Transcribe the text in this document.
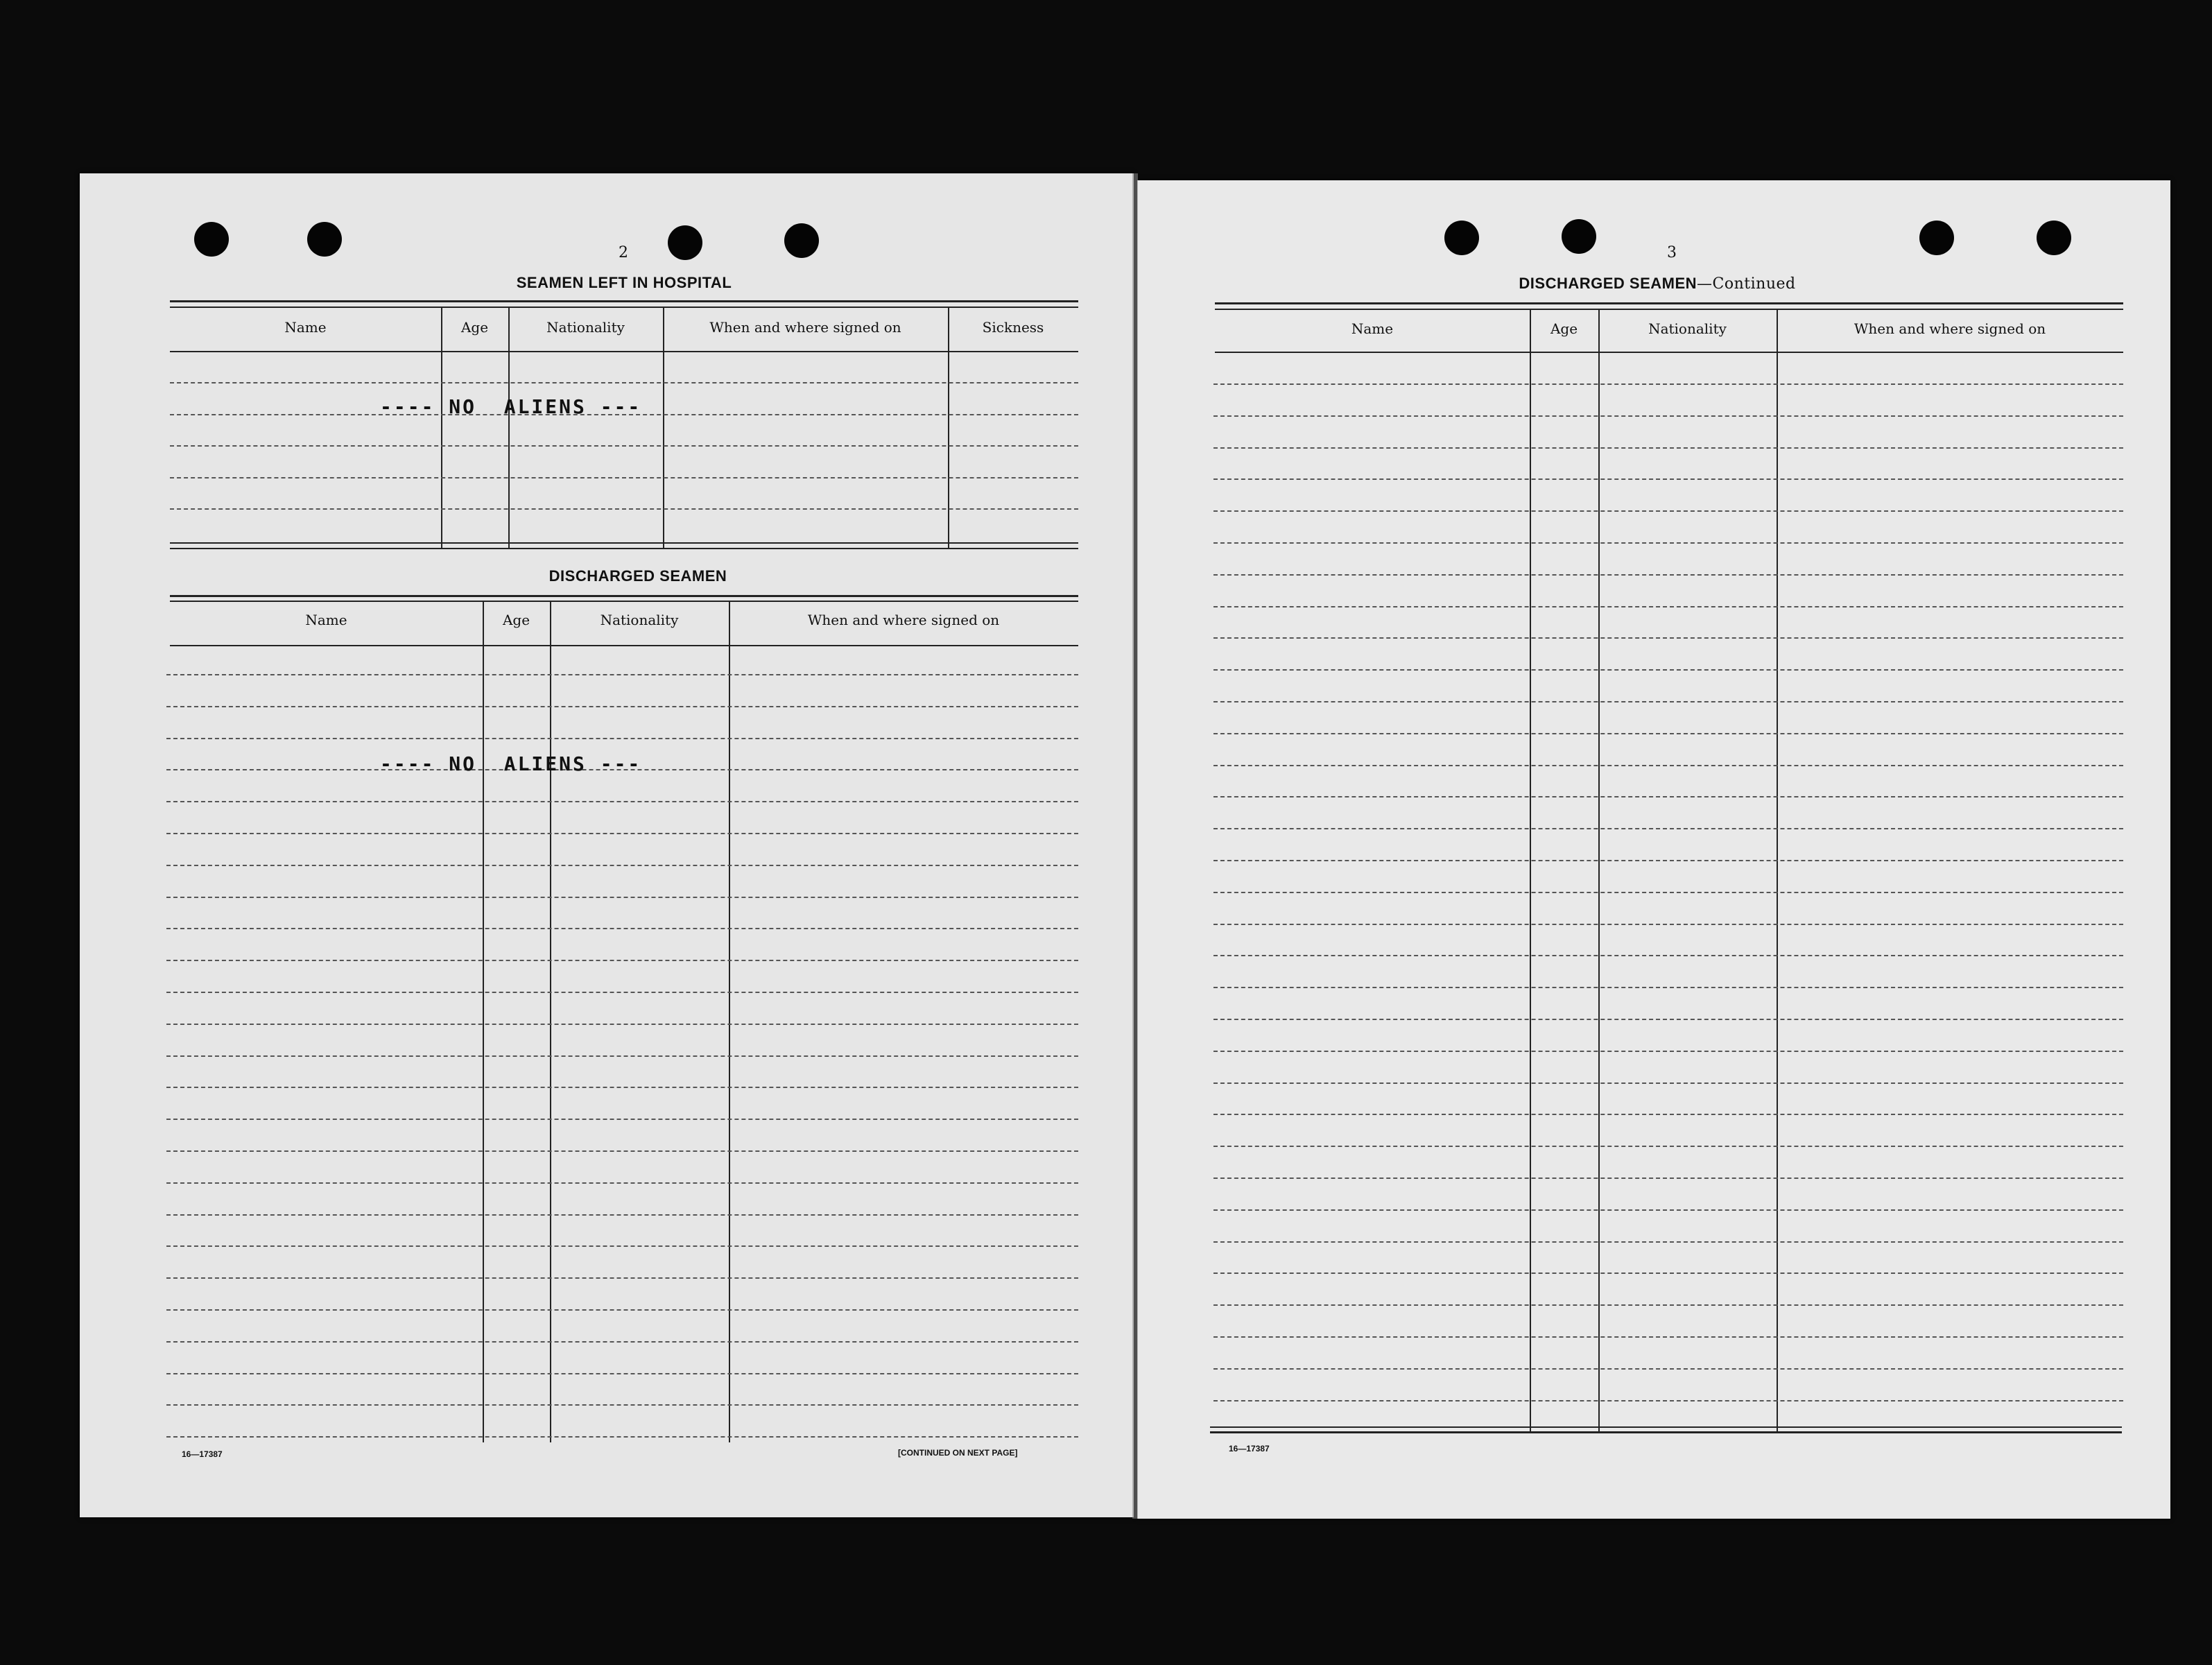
2
SEAMEN LEFT IN HOSPITAL
Name	Age	Nationality	When and where signed on	Sickness
---- NO  ALIENS ---
DISCHARGED SEAMEN
Name	Age	Nationality	When and where signed on
---- NO  ALIENS ---
16—17387	[CONTINUED ON NEXT PAGE]
3
DISCHARGED SEAMEN—Continued
Name	Age	Nationality	When and where signed on
16—17387
